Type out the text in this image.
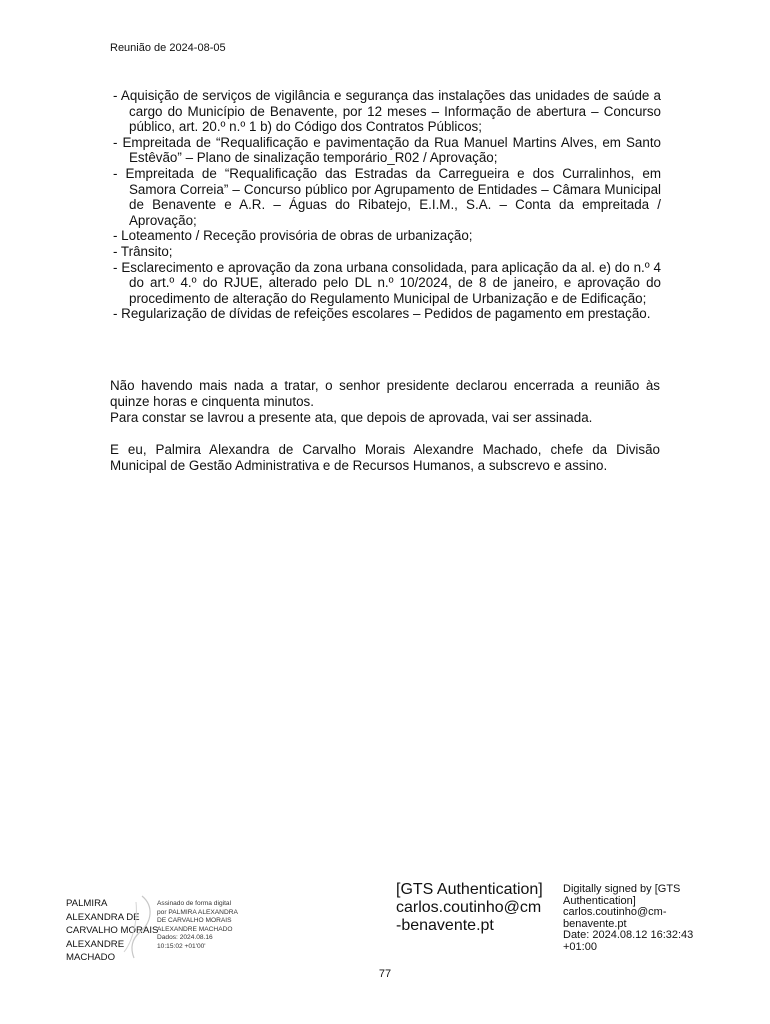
Reunião de 2024-08-05
- Aquisição de serviços de vigilância e segurança das instalações das unidades de saúde a cargo do Município de Benavente, por 12 meses – Informação de abertura – Concurso público, art. 20.º n.º 1 b) do Código dos Contratos Públicos;
- Empreitada de “Requalificação e pavimentação da Rua Manuel Martins Alves, em Santo Estêvão” – Plano de sinalização temporário_R02 / Aprovação;
- Empreitada de “Requalificação das Estradas da Carregueira e dos Curralinhos, em Samora Correia” – Concurso público por Agrupamento de Entidades – Câmara Municipal de Benavente e A.R. – Águas do Ribatejo, E.I.M., S.A. – Conta da empreitada / Aprovação;
- Loteamento / Receção provisória de obras de urbanização;
- Trânsito;
- Esclarecimento e aprovação da zona urbana consolidada, para aplicação da al. e) do n.º 4 do art.º 4.º do RJUE, alterado pelo DL n.º 10/2024, de 8 de janeiro, e aprovação do procedimento de alteração do Regulamento Municipal de Urbanização e de Edificação;
- Regularização de dívidas de refeições escolares – Pedidos de pagamento em prestação.

Não havendo mais nada a tratar, o senhor presidente declarou encerrada a reunião às quinze horas e cinquenta minutos.

Para constar se lavrou a presente ata, que depois de aprovada, vai ser assinada.

E eu, Palmira Alexandra de Carvalho Morais Alexandre Machado, chefe da Divisão Municipal de Gestão Administrativa e de Recursos Humanos, a subscrevo e assino.

PALMIRA
ALEXANDRA DE
CARVALHO MORAIS
ALEXANDRE
MACHADO
Assinado de forma digital
por PALMIRA ALEXANDRA
DE CARVALHO MORAIS
ALEXANDRE MACHADO
Dados: 2024.08.16
10:15:02 +01'00'
[GTS Authentication]
carlos.coutinho@cm
-benavente.pt
Digitally signed by [GTS
Authentication]
carlos.coutinho@cm-
benavente.pt
Date: 2024.08.12 16:32:43
+01:00
77
